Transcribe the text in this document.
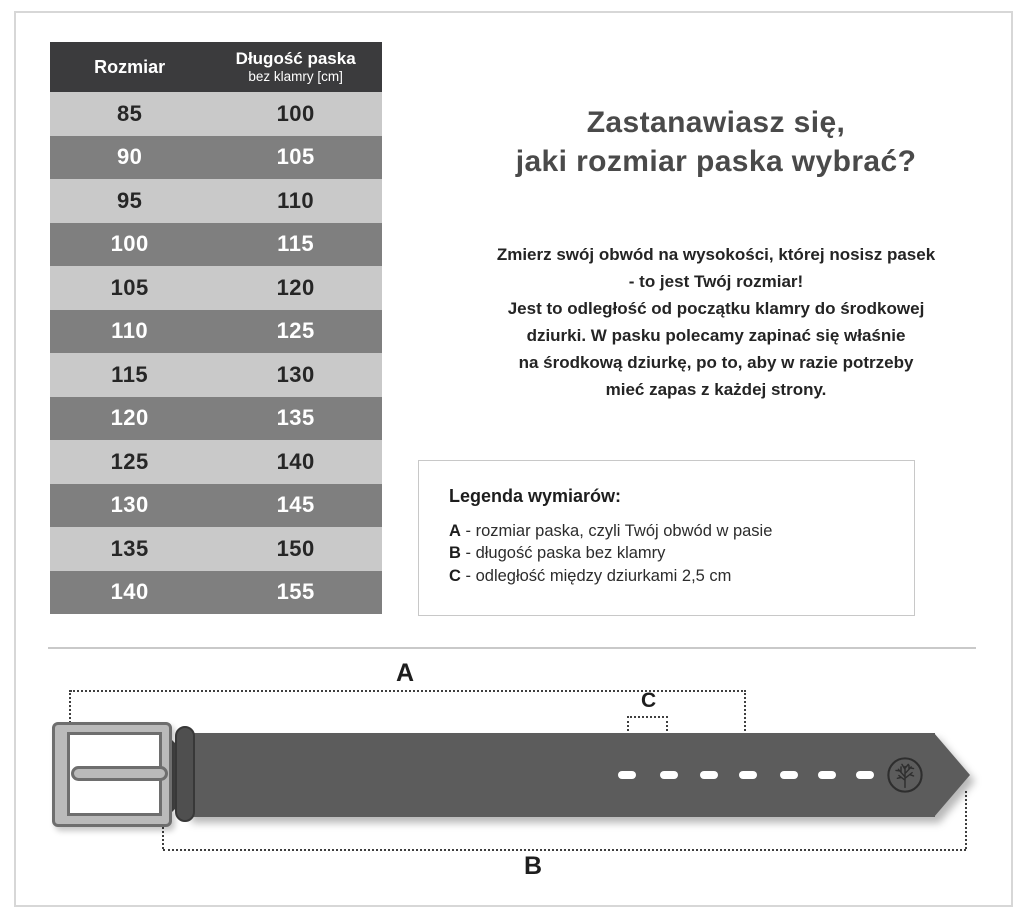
Rozmiar	Długość paska
bez klamry [cm]
85	100
90	105
95	110
100	115
105	120
110	125
115	130
120	135
125	140
130	145
135	150
140	155
Zastanawiasz się,
jaki rozmiar paska wybrać?
Zmierz swój obwód na wysokości, której nosisz pasek
- to jest Twój rozmiar!
Jest to odległość od początku klamry do środkowej
dziurki. W pasku polecamy zapinać się właśnie
na środkową dziurkę, po to, aby w razie potrzeby
mieć zapas z każdej strony.
Legenda wymiarów:
A - rozmiar paska, czyli Twój obwód w pasie
B - długość paska bez klamry
C - odległość między dziurkami 2,5 cm
A
B
C
